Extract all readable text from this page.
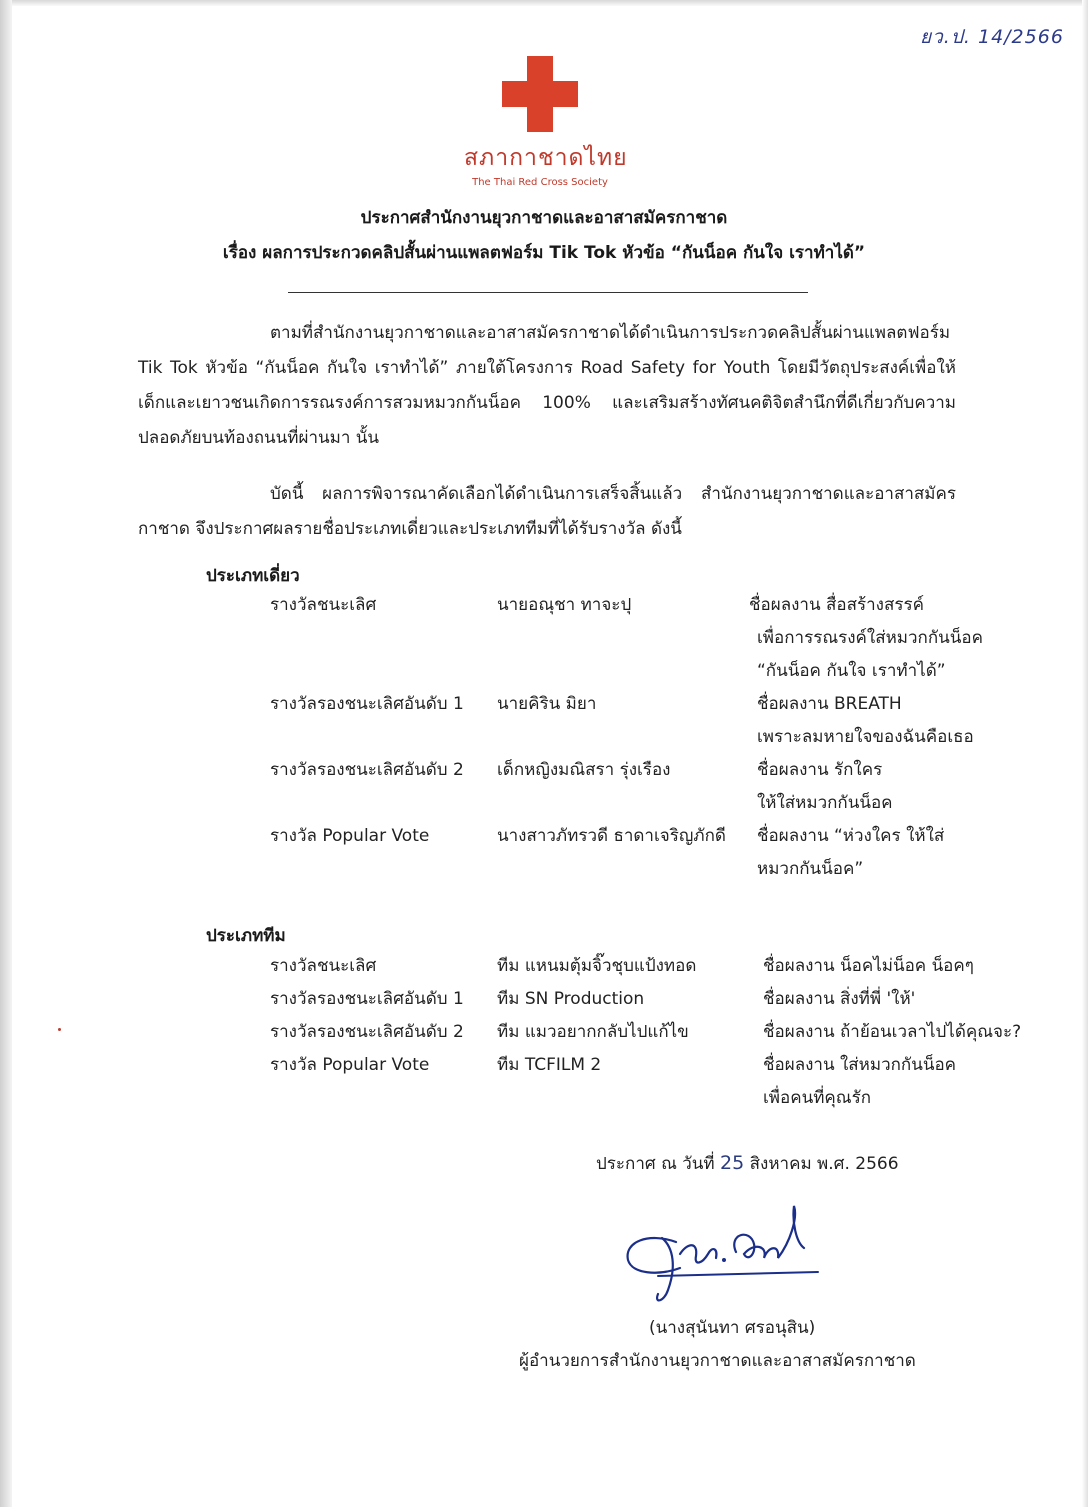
ยว.ป. 14/2566
สภากาชาดไทย
The Thai Red Cross Society
ประกาศสำนักงานยุวกาชาดและอาสาสมัครกาชาด
เรื่อง ผลการประกวดคลิปสั้นผ่านแพลตฟอร์ม Tik Tok หัวข้อ “กันน็อค กันใจ เราทำได้”
ตามที่สำนักงานยุวกาชาดและอาสาสมัครกาชาดได้ดำเนินการประกวดคลิปสั้นผ่านแพลตฟอร์ม Tik Tok หัวข้อ “กันน็อค กันใจ เราทำได้” ภายใต้โครงการ Road Safety for Youth โดยมีวัตถุประสงค์เพื่อให้เด็กและเยาวชนเกิดการรณรงค์การสวมหมวกกันน็อค 100% และเสริมสร้างทัศนคติจิตสำนึกที่ดีเกี่ยวกับความปลอดภัยบนท้องถนนที่ผ่านมา นั้น
บัดนี้ ผลการพิจารณาคัดเลือกได้ดำเนินการเสร็จสิ้นแล้ว สำนักงานยุวกาชาดและอาสาสมัครกาชาด จึงประกาศผลรายชื่อประเภทเดี่ยวและประเภททีมที่ได้รับรางวัล ดังนี้
ประเภทเดี่ยว
รางวัลชนะเลิศ	นายอณุชา ทาจะปุ	ชื่อผลงาน สื่อสร้างสรรค์
เพื่อการรณรงค์ใส่หมวกกันน็อค
“กันน็อค กันใจ เราทำได้”
รางวัลรองชนะเลิศอันดับ 1 นายคิริน มิยา	ชื่อผลงาน BREATH
เพราะลมหายใจของฉันคือเธอ
รางวัลรองชนะเลิศอันดับ 2 เด็กหญิงมณิสรา รุ่งเรือง	ชื่อผลงาน รักใคร
ให้ใส่หมวกกันน็อค
รางวัล Popular Vote	นางสาวภัทรวดี ธาดาเจริญภักดี ชื่อผลงาน “ห่วงใคร ให้ใส่
หมวกกันน็อค”
ประเภททีม
รางวัลชนะเลิศ	ทีม แหนมตุ้มจิ๊วชุบแป้งทอด	ชื่อผลงาน น็อคไม่น็อค น็อคๆ
รางวัลรองชนะเลิศอันดับ 1 ทีม SN Production	ชื่อผลงาน สิ่งที่พี่ 'ให้'
รางวัลรองชนะเลิศอันดับ 2 ทีม แมวอยากกลับไปแก้ไข	ชื่อผลงาน ถ้าย้อนเวลาไปได้คุณจะ?
รางวัล Popular Vote	ทีม TCFILM 2	ชื่อผลงาน ใส่หมวกกันน็อค
เพื่อคนที่คุณรัก
ประกาศ ณ วันที่ 25 สิงหาคม พ.ศ. 2566
(นางสุนันทา ศรอนุสิน)
ผู้อำนวยการสำนักงานยุวกาชาดและอาสาสมัครกาชาด
